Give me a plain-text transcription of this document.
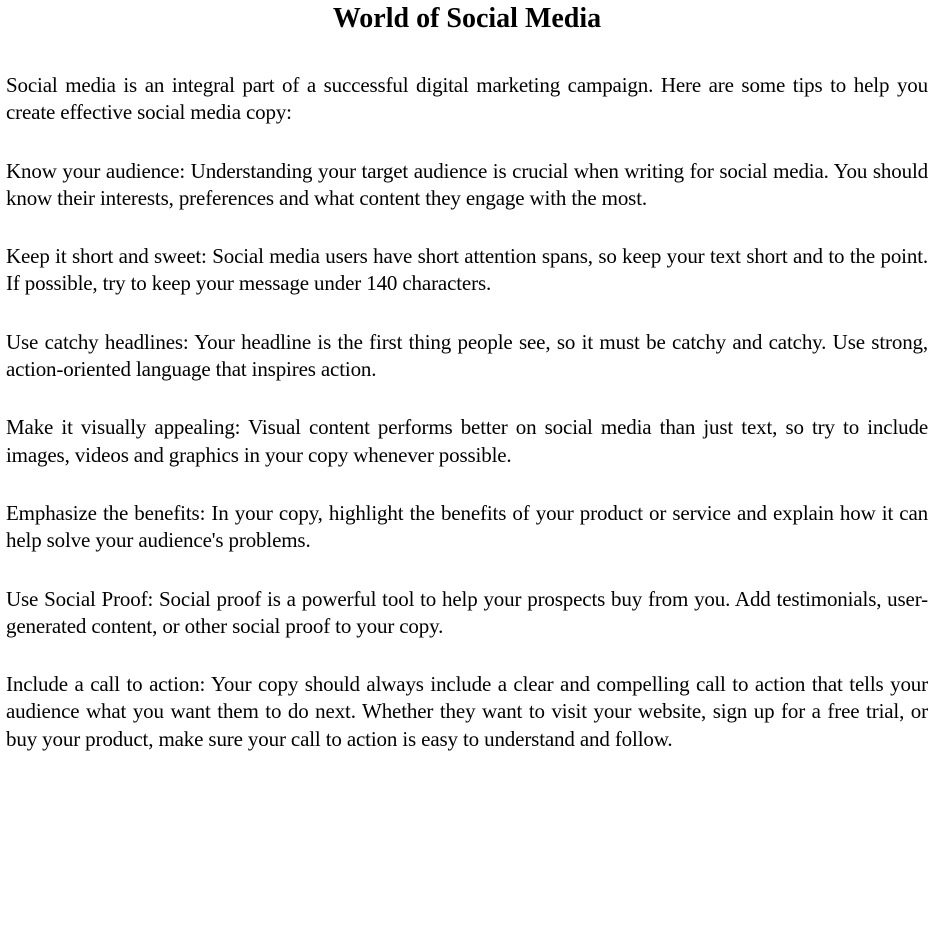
World of Social Media

Social media is an integral part of a successful digital marketing campaign. Here are some tips to help you create effective social media copy:

Know your audience: Understanding your target audience is crucial when writing for social media. You should know their interests, preferences and what content they engage with the most.

Keep it short and sweet: Social media users have short attention spans, so keep your text short and to the point. If possible, try to keep your message under 140 characters.

Use catchy headlines: Your headline is the first thing people see, so it must be catchy and catchy. Use strong, action-oriented language that inspires action.

Make it visually appealing: Visual content performs better on social media than just text, so try to include images, videos and graphics in your copy whenever possible.

Emphasize the benefits: In your copy, highlight the benefits of your product or service and explain how it can help solve your audience's problems.

Use Social Proof: Social proof is a powerful tool to help your prospects buy from you. Add testimonials, user-generated content, or other social proof to your copy.

Include a call to action: Your copy should always include a clear and compelling call to action that tells your audience what you want them to do next. Whether they want to visit your website, sign up for a free trial, or buy your product, make sure your call to action is easy to understand and follow.
